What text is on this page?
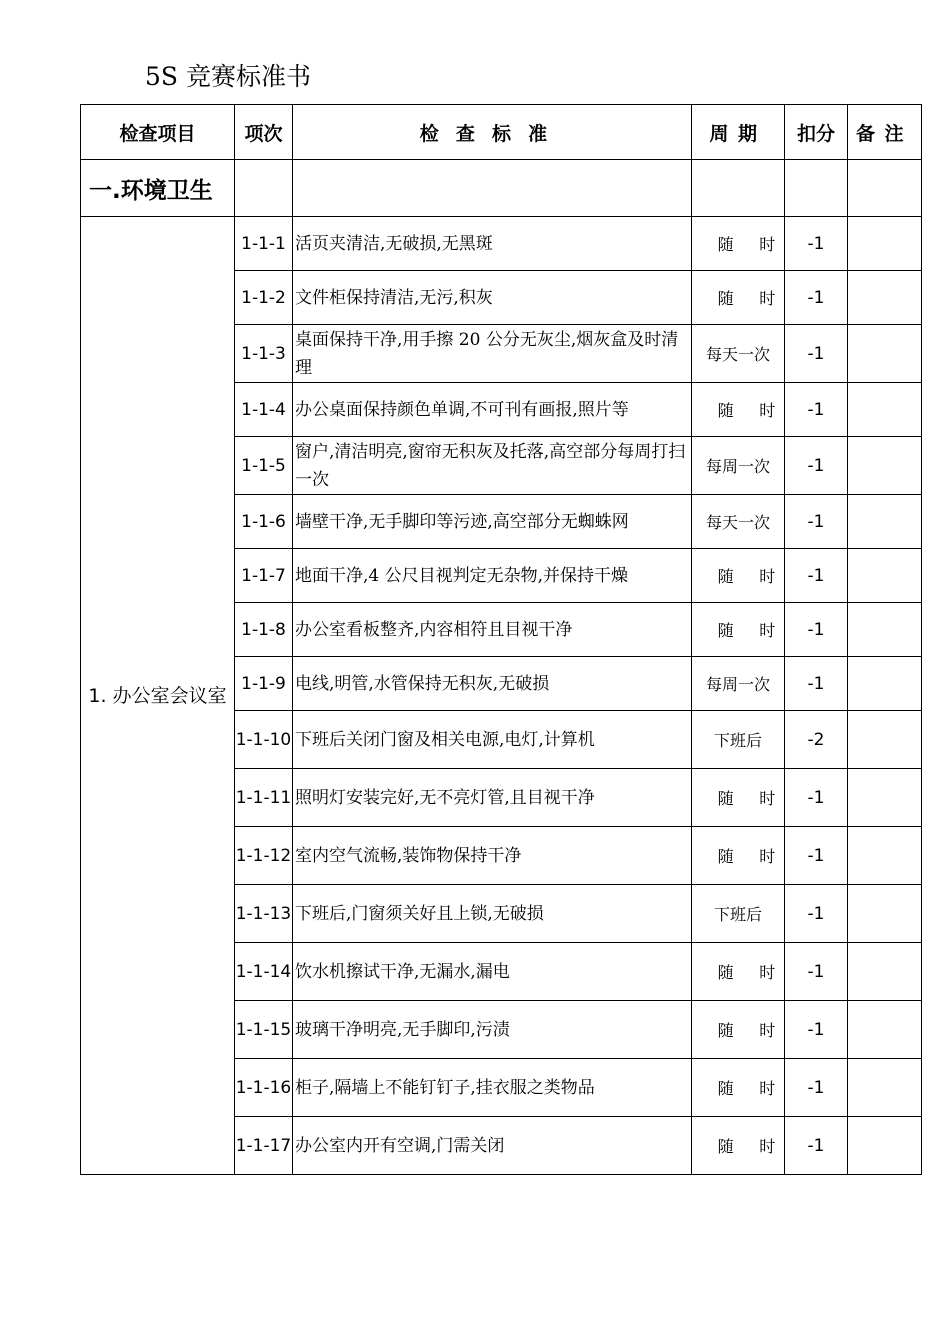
5S 竞赛标准书
检查项目	项次	检查标准	周期	扣分	备注
一.环境卫生					
1. 办公室会议室	1-1-1	活页夹清洁,无破损,无黑斑	随时	-1	
	1-1-2	文件柜保持清洁,无污,积灰	随时	-1	
	1-1-3	桌面保持干净,用手擦 20 公分无灰尘,烟灰盒及时清理	每天一次	-1	
	1-1-4	办公桌面保持颜色单调,不可刊有画报,照片等	随时	-1	
	1-1-5	窗户,清洁明亮,窗帘无积灰及托落,高空部分每周打扫一次	每周一次	-1	
	1-1-6	墙壁干净,无手脚印等污迹,高空部分无蜘蛛网	每天一次	-1	
	1-1-7	地面干净,4 公尺目视判定无杂物,并保持干燥	随时	-1	
	1-1-8	办公室看板整齐,内容相符且目视干净	随时	-1	
	1-1-9	电线,明管,水管保持无积灰,无破损	每周一次	-1	
	1-1-10	下班后关闭门窗及相关电源,电灯,计算机	下班后	-2	
	1-1-11	照明灯安装完好,无不亮灯管,且目视干净	随时	-1	
	1-1-12	室内空气流畅,装饰物保持干净	随时	-1	
	1-1-13	下班后,门窗须关好且上锁,无破损	下班后	-1	
	1-1-14	饮水机擦试干净,无漏水,漏电	随时	-1	
	1-1-15	玻璃干净明亮,无手脚印,污渍	随时	-1	
	1-1-16	柜子,隔墙上不能钉钉子,挂衣服之类物品	随时	-1	
	1-1-17	办公室内开有空调,门需关闭	随时	-1	
